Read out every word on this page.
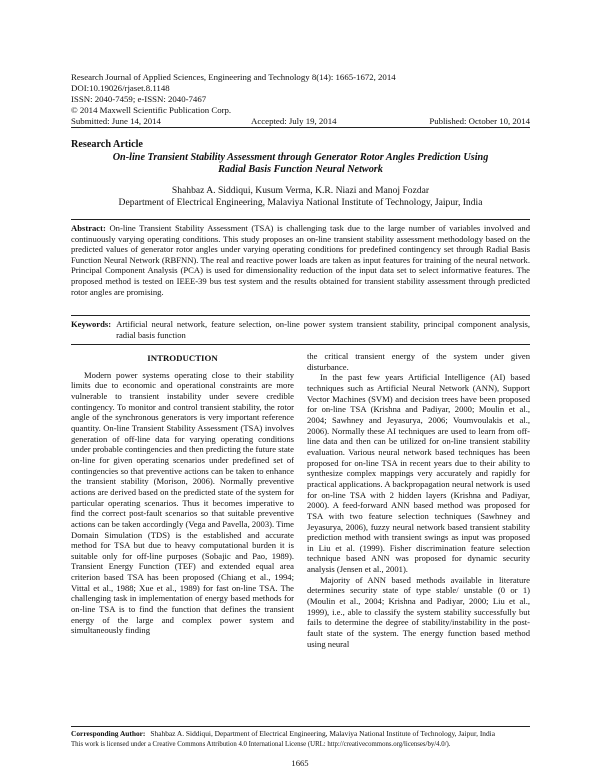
Research Journal of Applied Sciences, Engineering and Technology 8(14): 1665-1672, 2014
DOI:10.19026/rjaset.8.1148
ISSN: 2040-7459; e-ISSN: 2040-7467
© 2014 Maxwell Scientific Publication Corp.
Submitted: June 14, 2014	Accepted: July 19, 2014	Published: October 10, 2014
Research Article
On-line Transient Stability Assessment through Generator Rotor Angles Prediction Using
Radial Basis Function Neural Network
Shahbaz A. Siddiqui, Kusum Verma, K.R. Niazi and Manoj Fozdar
Department of Electrical Engineering, Malaviya National Institute of Technology, Jaipur, India
Abstract: On-line Transient Stability Assessment (TSA) is challenging task due to the large number of variables involved and continuously varying operating conditions. This study proposes an on-line transient stability assessment methodology based on the predicted values of generator rotor angles under varying operating conditions for predefined contingency set through Radial Basis Function Neural Network (RBFNN). The real and reactive power loads are taken as input features for training of the neural network. Principal Component Analysis (PCA) is used for dimensionality reduction of the input data set to select informative features. The proposed method is tested on IEEE-39 bus test system and the results obtained for transient stability assessment through predicted rotor angles are promising.
Keywords: Artificial neural network, feature selection, on-line power system transient stability, principal component analysis, radial basis function
INTRODUCTION

Modern power systems operating close to their stability limits due to economic and operational constraints are more vulnerable to transient instability under severe credible contingency. To monitor and control transient stability, the rotor angle of the synchronous generators is very important reference quantity. On-line Transient Stability Assessment (TSA) involves generation of off-line data for varying operating conditions under probable contingencies and then predicting the future state on-line for given operating scenarios under predefined set of contingencies so that preventive actions can be taken to enhance the transient stability (Morison, 2006). Normally preventive actions are derived based on the predicted state of the system for particular operating scenarios. Thus it becomes imperative to find the correct post-fault scenarios so that suitable preventive actions can be taken accordingly (Vega and Pavella, 2003). Time Domain Simulation (TDS) is the established and accurate method for TSA but due to heavy computational burden it is suitable only for off-line purposes (Sobajic and Pao, 1989). Transient Energy Function (TEF) and extended equal area criterion based TSA has been proposed (Chiang et al., 1994; Vittal et al., 1988; Xue et al., 1989) for fast on-line TSA. The challenging task in implementation of energy based methods for on-line TSA is to find the function that defines the transient energy of the large and complex power system and simultaneously finding

the critical transient energy of the system under given disturbance.

In the past few years Artificial Intelligence (AI) based techniques such as Artificial Neural Network (ANN), Support Vector Machines (SVM) and decision trees have been proposed for on-line TSA (Krishna and Padiyar, 2000; Moulin et al., 2004; Sawhney and Jeyasurya, 2006; Voumvoulakis et al., 2006). Normally these AI techniques are used to learn from off-line data and then can be utilized for on-line transient stability evaluation. Various neural network based techniques has been proposed for on-line TSA in recent years due to their ability to synthesize complex mappings very accurately and rapidly for practical applications. A backpropagation neural network is used for on-line TSA with 2 hidden layers (Krishna and Padiyar, 2000). A feed-forward ANN based method was proposed for TSA with two feature selection techniques (Sawhney and Jeyasurya, 2006), fuzzy neural network based transient stability prediction method with transient swings as input was proposed in Liu et al. (1999). Fisher discrimination feature selection technique based ANN was proposed for dynamic security analysis (Jensen et al., 2001).

Majority of ANN based methods available in literature determines security state of type stable/ unstable (0 or 1) (Moulin et al., 2004; Krishna and Padiyar, 2000; Liu et al., 1999), i.e., able to classify the system stability successfully but fails to determine the degree of stability/instability in the post-fault state of the system. The energy function based method using neural

Corresponding Author: Shahbaz A. Siddiqui, Department of Electrical Engineering, Malaviya National Institute of Technology, Jaipur, India
This work is licensed under a Creative Commons Attribution 4.0 International License (URL: http://creativecommons.org/licenses/by/4.0/).
1665
